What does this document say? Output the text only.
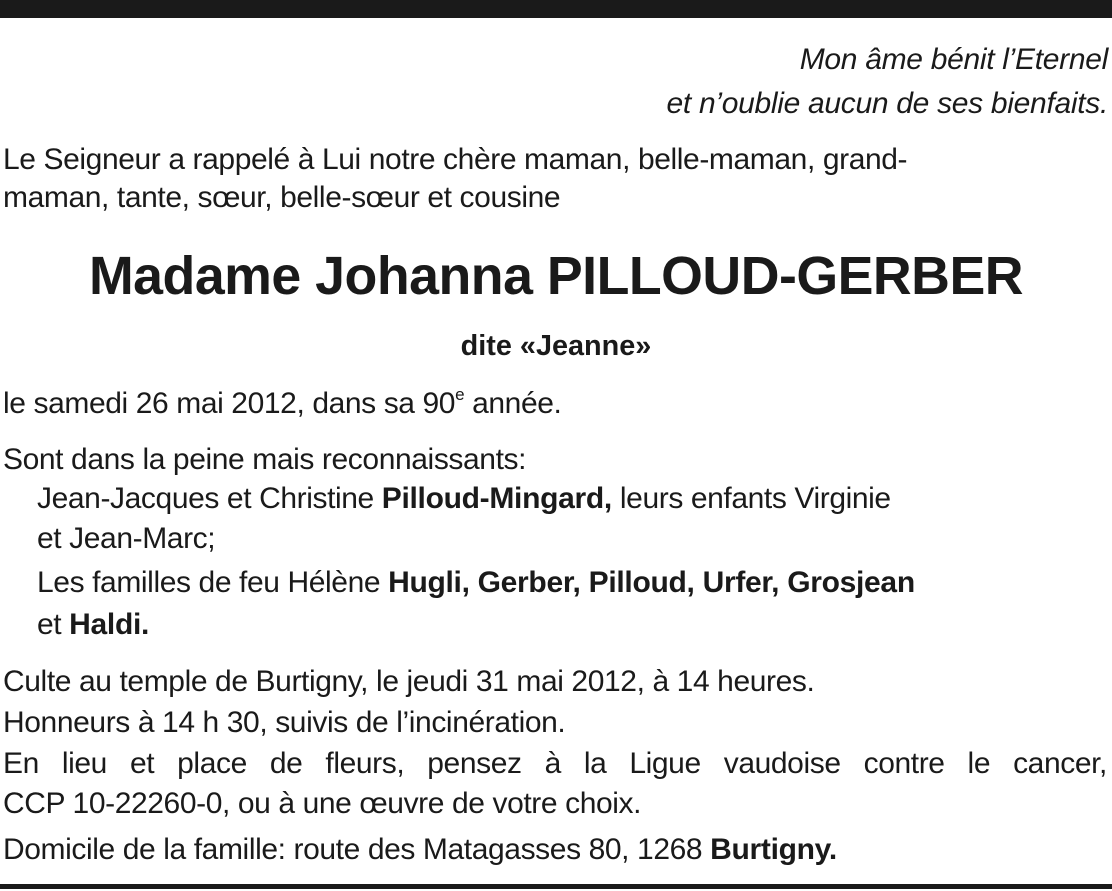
Mon âme bénit l’Eternel
et n’oublie aucun de ses bienfaits.
Le Seigneur a rappelé à Lui notre chère maman, belle-maman, grand-
maman, tante, sœur, belle-sœur et cousine
Madame Johanna PILLOUD-GERBER
dite «Jeanne»
le samedi 26 mai 2012, dans sa 90e année.
Sont dans la peine mais reconnaissants:
Jean-Jacques et Christine Pilloud-Mingard, leurs enfants Virginie
et Jean-Marc;
Les familles de feu Hélène Hugli, Gerber, Pilloud, Urfer, Grosjean
et Haldi.
Culte au temple de Burtigny, le jeudi 31 mai 2012, à 14 heures.
Honneurs à 14 h 30, suivis de l’incinération.
En lieu et place de fleurs, pensez à la Ligue vaudoise contre le cancer,
CCP 10-22260-0, ou à une œuvre de votre choix.
Domicile de la famille: route des Matagasses 80, 1268 Burtigny.
